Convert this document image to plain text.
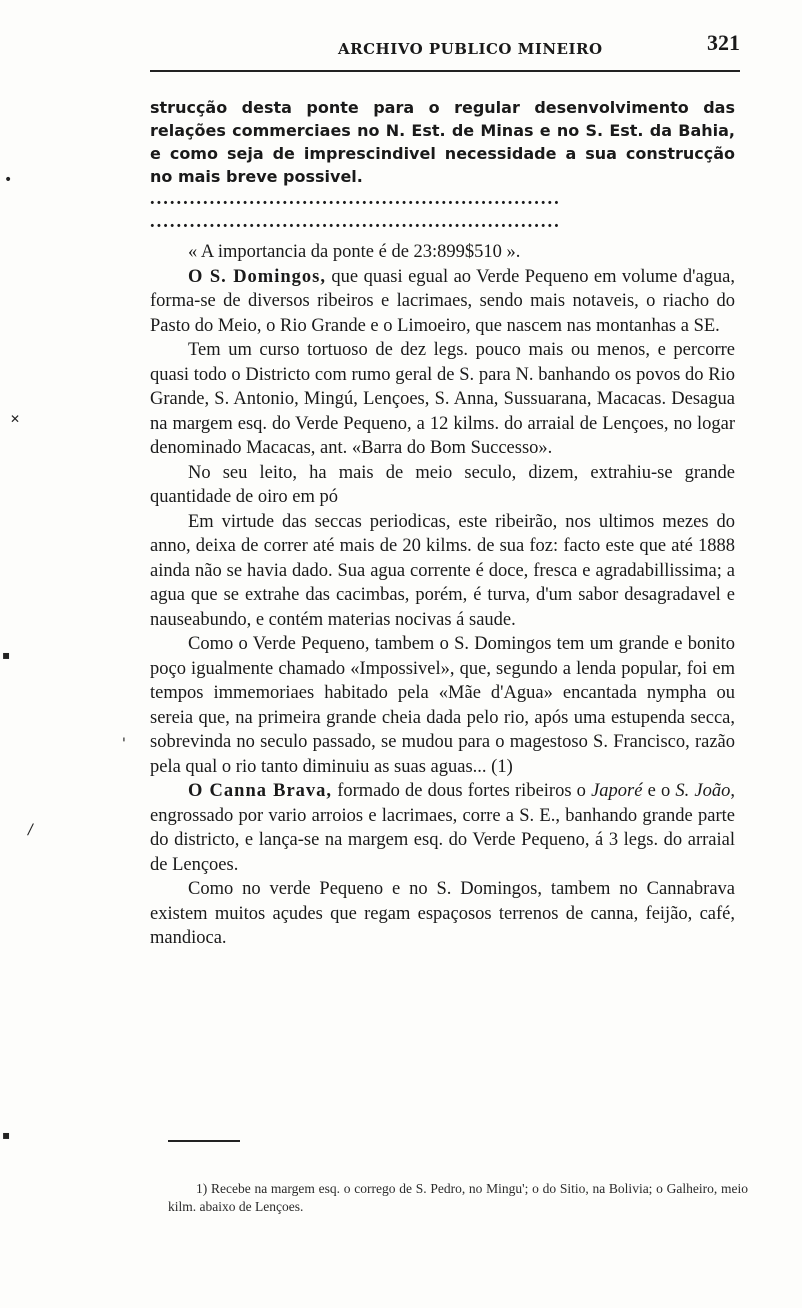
ARCHIVO PUBLICO MINEIRO	321

strucção desta ponte para o regular desenvolvimento das relações commerciaes no N. Est. de Minas e no S. Est. da Bahia, e como seja de imprescindivel necessidade a sua construcção no mais breve possivel.

..............................................................

..............................................................

« A importancia da ponte é de 23:899$510 ».

O S. Domingos, que quasi egual ao Verde Pequeno em volume d'agua, forma-se de diversos ribeiros e lacrimaes, sendo mais notaveis, o riacho do Pasto do Meio, o Rio Grande e o Limoeiro, que nascem nas montanhas a SE.

Tem um curso tortuoso de dez legs. pouco mais ou menos, e percorre quasi todo o Districto com rumo geral de S. para N. banhando os povos do Rio Grande, S. Antonio, Mingú, Lençoes, S. Anna, Sussuarana, Macacas. Desagua na margem esq. do Verde Pequeno, a 12 kilms. do arraial de Lençoes, no logar denominado Macacas, ant. «Barra do Bom Successo».

No seu leito, ha mais de meio seculo, dizem, extrahiu-se grande quantidade de oiro em pó

Em virtude das seccas periodicas, este ribeirão, nos ultimos mezes do anno, deixa de correr até mais de 20 kilms. de sua foz: facto este que até 1888 ainda não se havia dado. Sua agua corrente é doce, fresca e agradabillissima; a agua que se extrahe das cacimbas, porém, é turva, d'um sabor desagradavel e nauseabundo, e contém materias nocivas á saude.

Como o Verde Pequeno, tambem o S. Domingos tem um grande e bonito poço igualmente chamado «Impossivel», que, segundo a lenda popular, foi em tempos immemoriaes habitado pela «Mãe d'Agua» encantada nympha ou sereia que, na primeira grande cheia dada pelo rio, após uma estupenda secca, sobrevinda no seculo passado, se mudou para o magestoso S. Francisco, razão pela qual o rio tanto diminuiu as suas aguas... (1)

O Canna Brava, formado de dous fortes ribeiros o Japoré e o S. João, engrossado por vario arroios e lacrimaes, corre a S. E., banhando grande parte do districto, e lança-se na margem esq. do Verde Pequeno, á 3 legs. do arraial de Lençoes.

Como no verde Pequeno e no S. Domingos, tambem no Cannabrava existem muitos açudes que regam espaçosos terrenos de canna, feijão, café, mandioca.

1) Recebe na margem esq. o corrego de S. Pedro, no Mingu'; o do Sitio, na Bolivia; o Galheiro, meio kilm. abaixo de Lençoes.

•
✕
▪
'
/
▪
